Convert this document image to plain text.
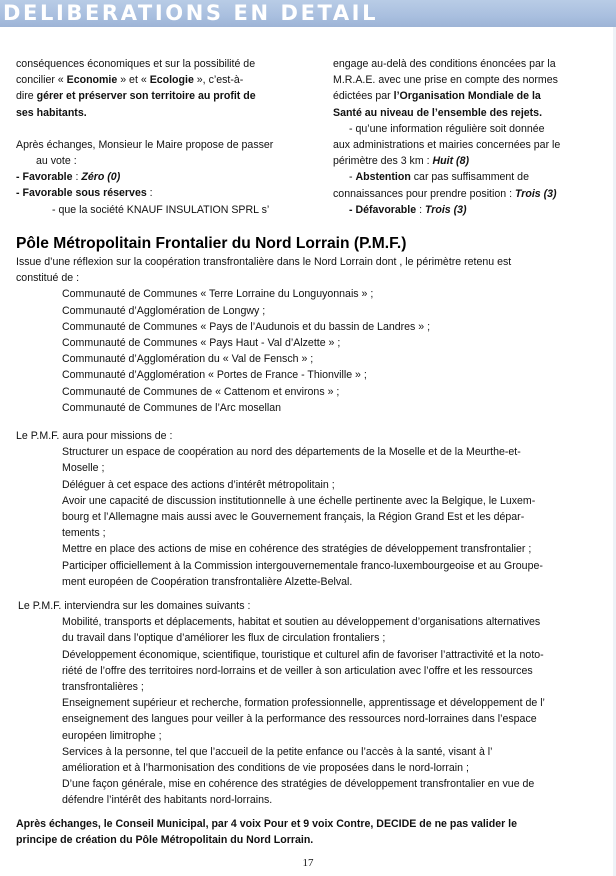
DELIBERATIONS EN DETAIL
conséquences économiques et sur la possibilité de
concilier « Economie » et « Ecologie », c’est-à-
dire gérer et préserver son territoire au profit de
ses habitants.
Après échanges, Monsieur le Maire propose de passer
au vote :
- Favorable : Zéro (0)
- Favorable sous réserves :
- que la société KNAUF INSULATION SPRL s’
engage au-delà des conditions énoncées par la
M.R.A.E. avec une prise en compte des normes
édictées par l’Organisation Mondiale de la
Santé au niveau de l’ensemble des rejets.
- qu’une information régulière soit donnée
aux administrations et mairies concernées par le
périmètre des 3 km : Huit (8)
- Abstention car pas suffisamment de
connaissances pour prendre position : Trois (3)
- Défavorable : Trois (3)
Pôle Métropolitain Frontalier du Nord Lorrain (P.M.F.)
Issue d’une réflexion sur la coopération transfrontalière dans le Nord Lorrain dont , le périmètre retenu est
constitué de :
Communauté de Communes « Terre Lorraine du Longuyonnais » ;
Communauté d’Agglomération de Longwy ;
Communauté de Communes « Pays de l’Audunois et du bassin de Landres » ;
Communauté de Communes « Pays Haut - Val d’Alzette » ;
Communauté d’Agglomération du « Val de Fensch » ;
Communauté d’Agglomération « Portes de France - Thionville » ;
Communauté de Communes de « Cattenom et environs » ;
Communauté de Communes de l’Arc mosellan
Le P.M.F. aura pour missions de :
Structurer un espace de coopération au nord des départements de la Moselle et de la Meurthe-et-
Moselle ;
Déléguer à cet espace des actions d’intérêt métropolitain ;
Avoir une capacité de discussion institutionnelle à une échelle pertinente avec la Belgique, le Luxem-
bourg et l’Allemagne mais aussi avec le Gouvernement français, la Région Grand Est et les dépar-
tements ;
Mettre en place des actions de mise en cohérence des stratégies de développement transfrontalier ;
Participer officiellement à la Commission intergouvernementale franco-luxembourgeoise et au Groupe-
ment européen de Coopération transfrontalière Alzette-Belval.
Le P.M.F. interviendra sur les domaines suivants :
Mobilité, transports et déplacements, habitat et soutien au développement d’organisations alternatives
du travail dans l’optique d’améliorer les flux de circulation frontaliers ;
Développement économique, scientifique, touristique et culturel afin de favoriser l’attractivité et la noto-
riété de l’offre des territoires nord-lorrains et de veiller à son articulation avec l’offre et les ressources
transfrontalières ;
Enseignement supérieur et recherche, formation professionnelle, apprentissage et développement de l’
enseignement des langues pour veiller à la performance des ressources nord-lorraines dans l’espace
européen limitrophe ;
Services à la personne, tel que l’accueil de la petite enfance ou l’accès à la santé, visant à l’
amélioration et à l’harmonisation des conditions de vie proposées dans le nord-lorrain ;
D’une façon générale, mise en cohérence des stratégies de développement transfrontalier en vue de
défendre l’intérêt des habitants nord-lorrains.
Après échanges, le Conseil Municipal, par 4 voix Pour et 9 voix Contre, DECIDE de ne pas valider le
principe de création du Pôle Métropolitain du Nord Lorrain.
17
